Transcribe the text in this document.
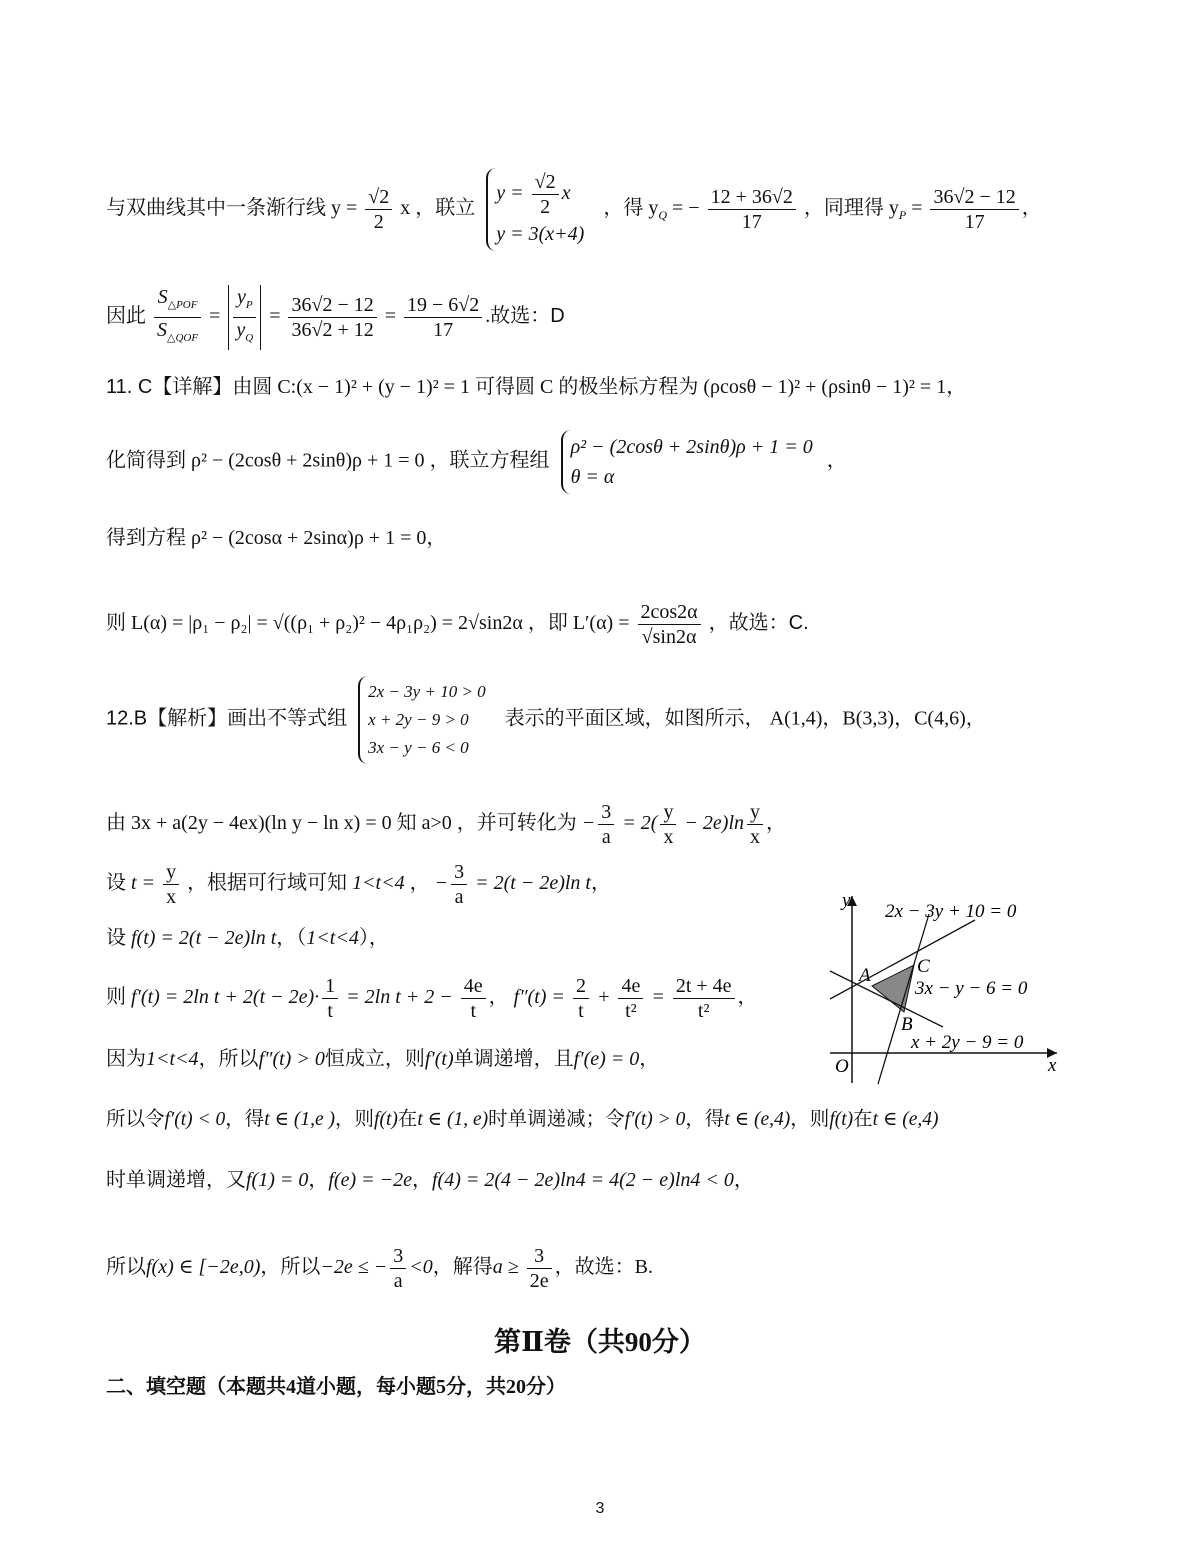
与双曲线其中一条渐行线 $y = \frac{√2}{2}$ x ，联立
$y = \frac{√2}{2}$ x
y = 3(x+4)
，得 $y_Q$ = − $\frac{12 + 36√2}{17}$ ，同理得 $y_P = \frac{36√2 - 12}{17}$ ，
因此 $\frac{S_{\triangle POF}}{S_{\triangle QOF}} = \frac{y_P}{y_Q} = \frac{36√2 - 12}{36√2 + 12} = \frac{19 - 6√2}{17}$ .故选：D
11. C【详解】由圆 C:(x − 1)² + (y − 1)² = 1 可得圆 C 的极坐标方程为 (ρcosθ − 1)² + (ρsinθ − 1)² = 1，
化简得到 ρ² − (2cosθ + 2sinθ)ρ + 1 = 0 ，联立方程组
ρ² − (2cosθ + 2sinθ)ρ + 1 = 0
θ = α
，
得到方程 ρ² − (2cosα + 2sinα)ρ + 1 = 0，
则 L(α) = |ρ₁ − ρ₂| = √((ρ₁ + ρ₂)² − 4ρ₁ρ₂) = 2√sin2α ，即 $L'(\alpha) = \frac{2\cos 2\alpha}{√\sin 2\alpha}$ ，故选：C.
12.B【解析】画出不等式组
2x − 3y + 10 > 0
x + 2y − 9 > 0
3x − y − 6 < 0
表示的平面区域，如图所示， A(1,4)，B(3,3)，C(4,6)，
由 3x + a(2y − 4ex)(ln y − ln x) = 0 知 a>0 ，并可转化为 − $\frac{3}{a} = 2( \frac{y}{x} - 2e)\ln \frac{y}{x}$ ，
设 $t = \frac{y}{x}$ ，根据可行域可知 1<t<4 ， − $\frac{3}{a} = 2(t - 2e)\ln$ t，
设 f(t) = 2(t − 2e)ln t，（1<t<4），
则 f′(t) = 2ln $t + 2(t - 2e)\cdot \frac{1}{t} = 2\ln$ $t + 2 - \frac{4e}{t}$ ， $f''(t) = \frac{2}{t} + \frac{4e}{\text{t²}} = \frac{2t + 4e}{\text{t²}}$ ，
因为1<t<4，所以f″(t) > 0恒成立，则f′(t)单调递增，且f′(e) = 0，
所以令f′(t) < 0，得t ∈ (1,e )，则f(t)在t ∈ (1, e)时单调递减；令f′(t) > 0，得t ∈ (e,4)，则f(t)在t ∈ (e,4)
时单调递增，又f(1) = 0，f(e) = −2e，f(4) = 2(4 − 2e)ln4 = 4(2 − e)ln4 < 0，
所以f(x) ∈ [−2e,0)，所以−2e ≤ − $\frac{3}{a} <0$，解得$a \ge \frac{3}{2e}$ ，故选：B.
y
x
O
A C
B
2x − 3y + 10 = 0
3x − y − 6 = 0
x + 2y − 9 = 0
第Ⅱ卷（共90分）
二、填空题（本题共4道小题，每小题5分，共20分）
3
